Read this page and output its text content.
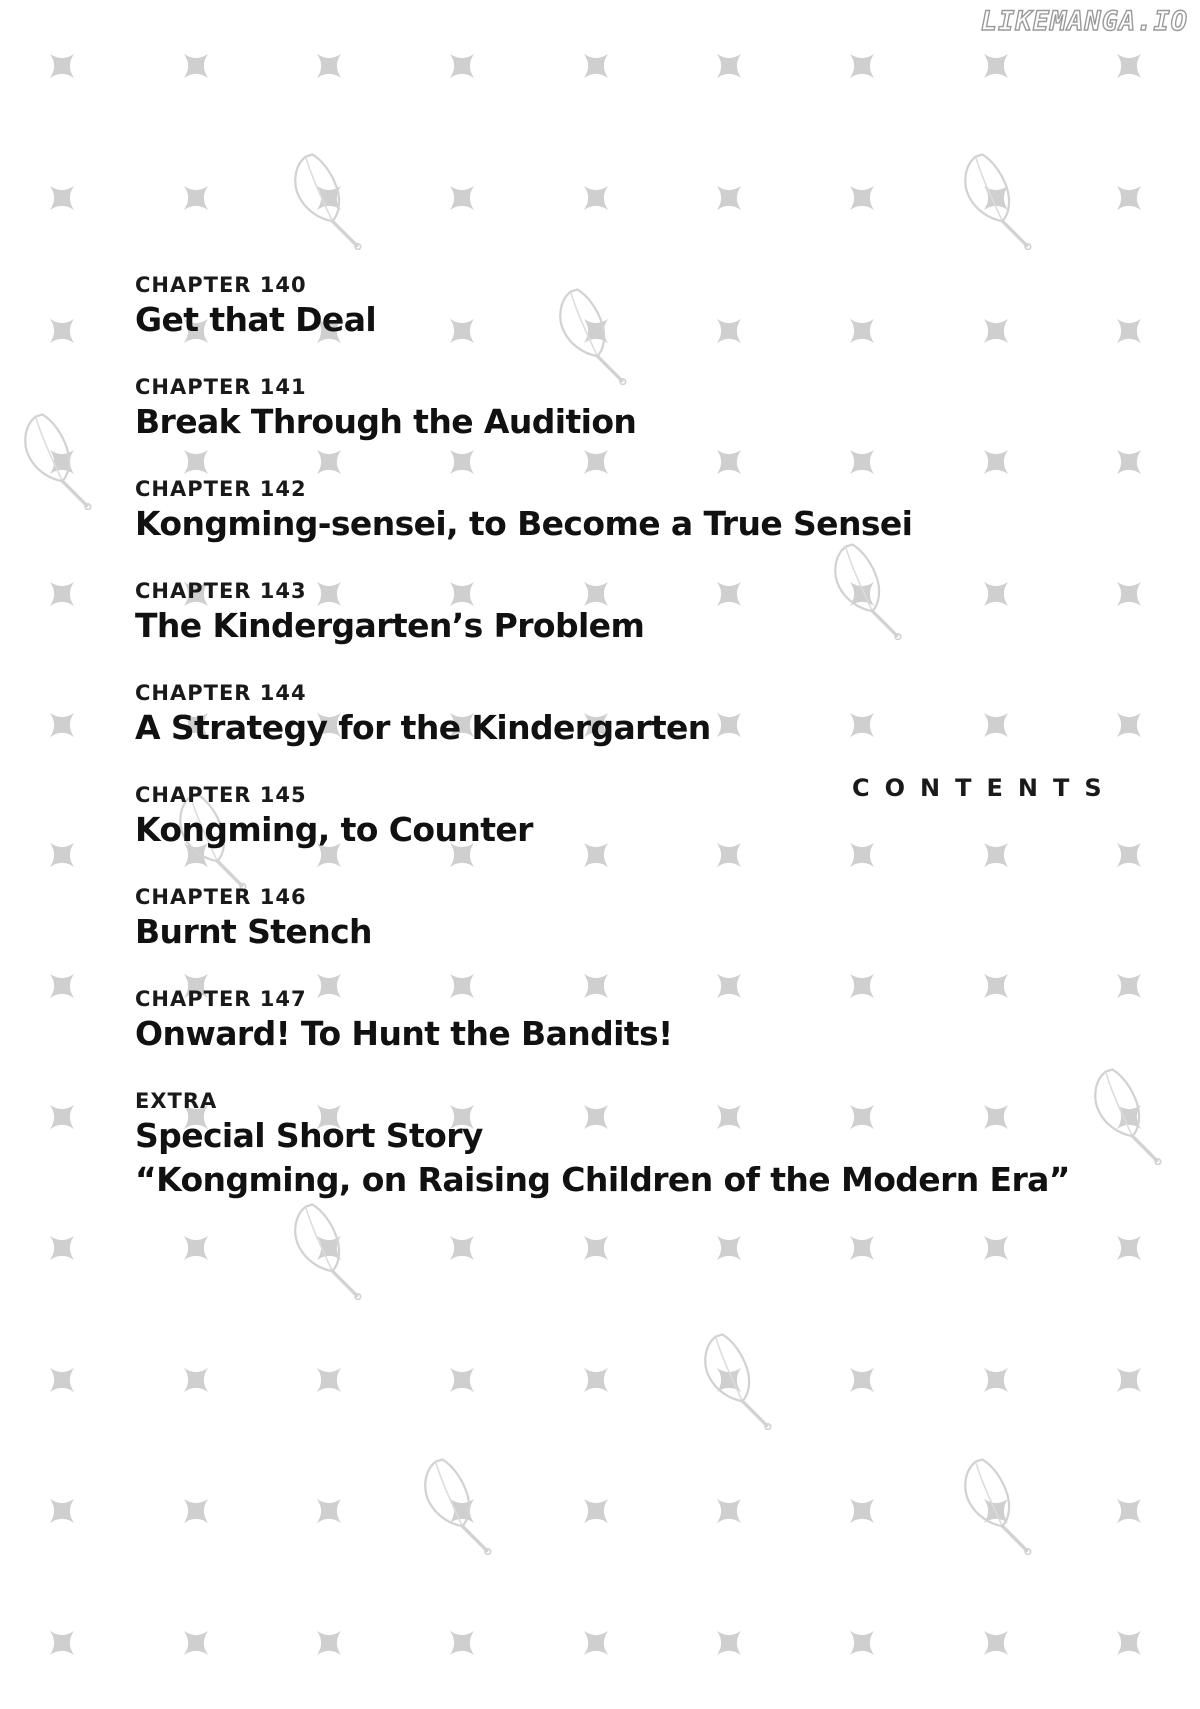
LIKEMANGA.IO
CHAPTER 140
Get that Deal
CHAPTER 141
Break Through the Audition
CHAPTER 142
Kongming-sensei, to Become a True Sensei
CHAPTER 143
The Kindergarten’s Problem
CHAPTER 144
A Strategy for the Kindergarten
CHAPTER 145
Kongming, to Counter
CHAPTER 146
Burnt Stench
CHAPTER 147
Onward! To Hunt the Bandits!
EXTRA
Special Short Story
“Kongming, on Raising Children of the Modern Era”
CONTENTS
